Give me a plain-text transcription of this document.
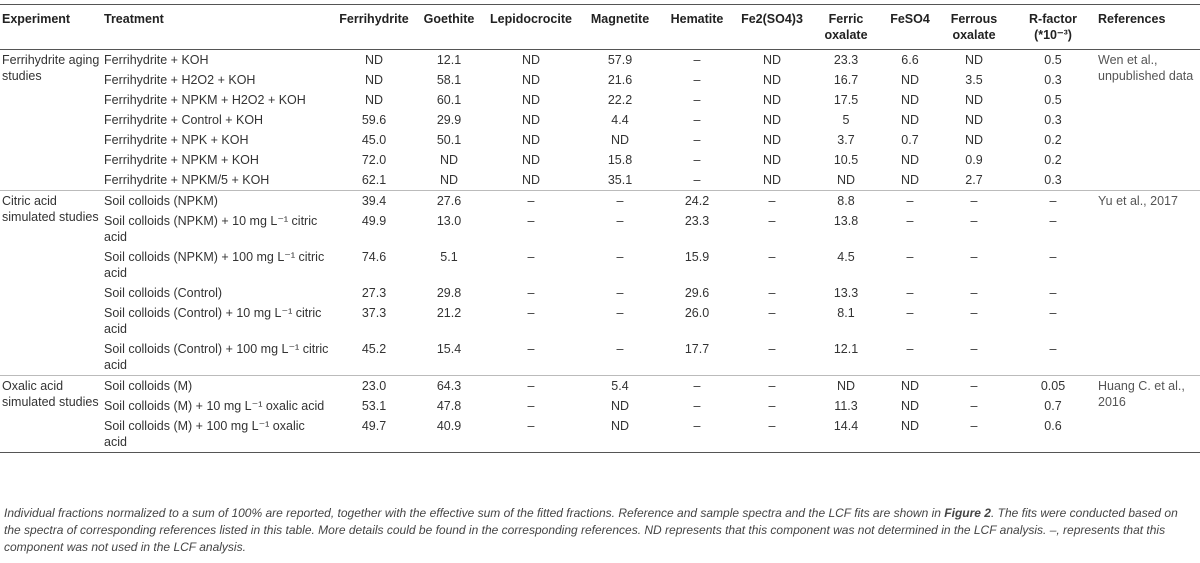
Experiment	Treatment	Ferrihydrite	Goethite	Lepidocrocite	Magnetite	Hematite	Fe2(SO4)3	Ferric oxalate	FeSO4	Ferrous oxalate	R-factor (*10⁻³)	References
Ferrihydrite aging studies	Ferrihydrite + KOH	ND	12.1	ND	57.9	–	ND	23.3	6.6	ND	0.5	Wen et al., unpublished data
	Ferrihydrite + H2O2 + KOH	ND	58.1	ND	21.6	–	ND	16.7	ND	3.5	0.3	
	Ferrihydrite + NPKM + H2O2 + KOH	ND	60.1	ND	22.2	–	ND	17.5	ND	ND	0.5	
	Ferrihydrite + Control + KOH	59.6	29.9	ND	4.4	–	ND	5	ND	ND	0.3	
	Ferrihydrite + NPK + KOH	45.0	50.1	ND	ND	–	ND	3.7	0.7	ND	0.2	
	Ferrihydrite + NPKM + KOH	72.0	ND	ND	15.8	–	ND	10.5	ND	0.9	0.2	
	Ferrihydrite + NPKM/5 + KOH	62.1	ND	ND	35.1	–	ND	ND	ND	2.7	0.3	
Citric acid simulated studies	Soil colloids (NPKM)	39.4	27.6	–	–	24.2	–	8.8	–	–	–	Yu et al., 2017
	Soil colloids (NPKM) + 10 mg L⁻¹ citric acid	49.9	13.0	–	–	23.3	–	13.8	–	–	–	
	Soil colloids (NPKM) + 100 mg L⁻¹ citric acid	74.6	5.1	–	–	15.9	–	4.5	–	–	–	
	Soil colloids (Control)	27.3	29.8	–	–	29.6	–	13.3	–	–	–	
	Soil colloids (Control) + 10 mg L⁻¹ citric acid	37.3	21.2	–	–	26.0	–	8.1	–	–	–	
	Soil colloids (Control) + 100 mg L⁻¹ citric acid	45.2	15.4	–	–	17.7	–	12.1	–	–	–	
Oxalic acid simulated studies	Soil colloids (M)	23.0	64.3	–	5.4	–	–	ND	ND	–	0.05	Huang C. et al., 2016
	Soil colloids (M) + 10 mg L⁻¹ oxalic acid	53.1	47.8	–	ND	–	–	11.3	ND	–	0.7	
	Soil colloids (M) + 100 mg L⁻¹ oxalic acid	49.7	40.9	–	ND	–	–	14.4	ND	–	0.6	
Individual fractions normalized to a sum of 100% are reported, together with the effective sum of the fitted fractions. Reference and sample spectra and the LCF fits are shown in Figure 2. The fits were conducted based on the spectra of corresponding references listed in this table. More details could be found in the corresponding references. ND represents that this component was not determined in the LCF analysis. –, represents that this component was not used in the LCF analysis.
